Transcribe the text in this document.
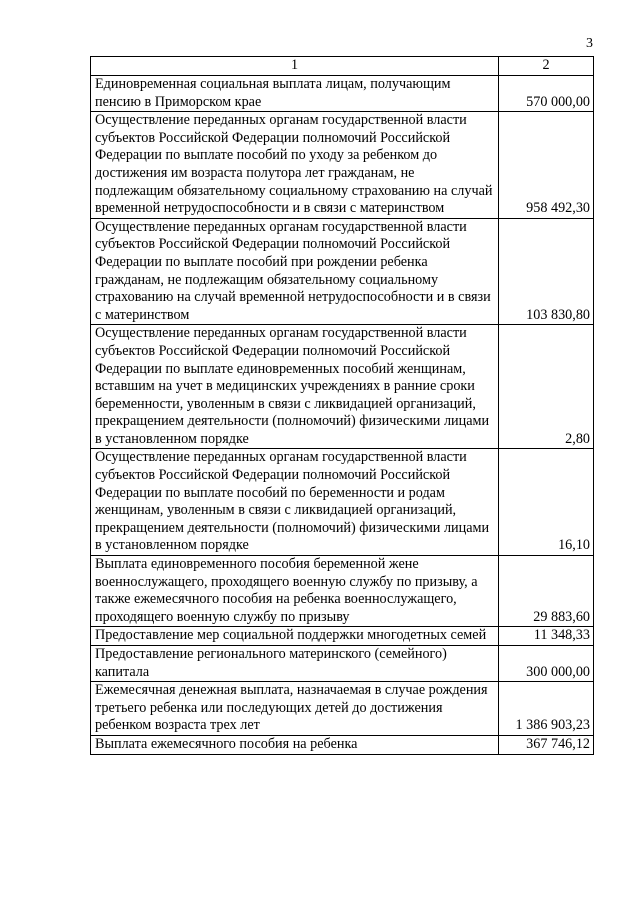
3
1	2
Единовременная социальная выплата лицам, получающим пенсию в Приморском крае	570 000,00
Осуществление переданных органам государственной власти субъектов Российской Федерации полномочий Российской Федерации по выплате пособий по уходу за ребенком до достижения им возраста полутора лет гражданам, не подлежащим обязательному социальному страхованию на случай временной нетрудоспособности и в связи с материнством	958 492,30
Осуществление переданных органам государственной власти субъектов Российской Федерации полномочий Российской Федерации по выплате пособий при рождении ребенка гражданам, не подлежащим обязательному социальному страхованию на случай временной нетрудоспособности и в связи с материнством	103 830,80
Осуществление переданных органам государственной власти субъектов Российской Федерации полномочий Российской Федерации по выплате единовременных пособий женщинам, вставшим на учет в медицинских учреждениях в ранние сроки беременности, уволенным в связи с ликвидацией организаций, прекращением деятельности (полномочий) физическими лицами в установленном порядке	2,80
Осуществление переданных органам государственной власти субъектов Российской Федерации полномочий Российской Федерации по выплате пособий по беременности и родам женщинам, уволенным в связи с ликвидацией организаций, прекращением деятельности (полномочий) физическими лицами в установленном порядке	16,10
Выплата единовременного пособия беременной жене военнослужащего, проходящего военную службу по призыву, а также ежемесячного пособия на ребенка военнослужащего, проходящего военную службу по призыву	29 883,60
Предоставление мер социальной поддержки многодетных семей	11 348,33
Предоставление регионального материнского (семейного) капитала	300 000,00
Ежемесячная денежная выплата, назначаемая в случае рождения третьего ребенка или последующих детей до достижения ребенком возраста трех лет	1 386 903,23
Выплата ежемесячного пособия на ребенка	367 746,12
